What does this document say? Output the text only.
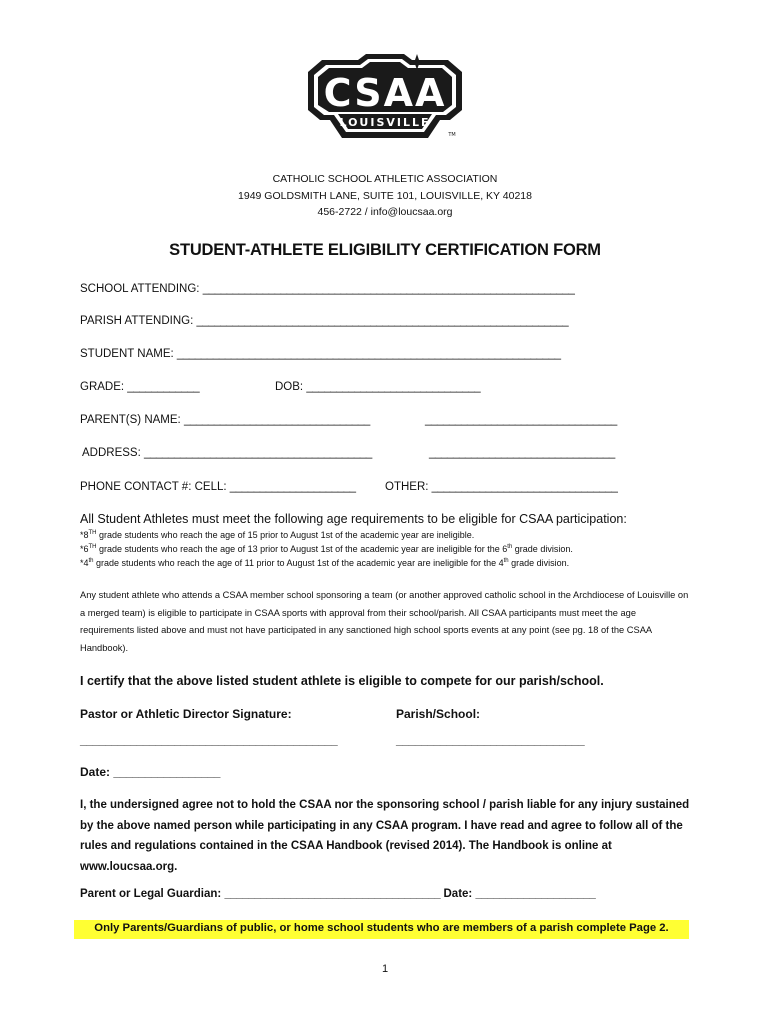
CSAA
LOUISVILLE
TM
CATHOLIC SCHOOL ATHLETIC ASSOCIATION
1949 GOLDSMITH LANE, SUITE 101, LOUISVILLE, KY 40218
456-2722 / info@loucsaa.org
STUDENT-ATHLETE ELIGIBILITY CERTIFICATION FORM
SCHOOL ATTENDING: ______________________________________________________________
PARISH ATTENDING: ______________________________________________________________
STUDENT NAME: ________________________________________________________________
GRADE: ____________	DOB: _____________________________
PARENT(S) NAME: _______________________________	________________________________
ADDRESS: ______________________________________	_______________________________
PHONE CONTACT #: CELL: _____________________	OTHER: _______________________________
All Student Athletes must meet the following age requirements to be eligible for CSAA participation:
*8TH grade students who reach the age of 15 prior to August 1st of the academic year are ineligible.
*6TH grade students who reach the age of 13 prior to August 1st of the academic year are ineligible for the 6th grade division.
*4th grade students who reach the age of 11 prior to August 1st of the academic year are ineligible for the 4th grade division.
Any student athlete who attends a CSAA member school sponsoring a team (or another approved catholic school in the Archdiocese of Louisville on a merged team) is eligible to participate in CSAA sports with approval from their school/parish. All CSAA participants must meet the age requirements listed above and must not have participated in any sanctioned high school sports events at any point (see pg. 18 of the CSAA Handbook).
I certify that the above listed student athlete is eligible to compete for our parish/school.
Pastor or Athletic Director Signature:	Parish/School:
_________________________________________	______________________________
Date: _________________
I, the undersigned agree not to hold the CSAA nor the sponsoring school / parish liable for any injury sustained by the above named person while participating in any CSAA program. I have read and agree to follow all of the rules and regulations contained in the CSAA Handbook (revised 2014). The Handbook is online at www.loucsaa.org.
Parent or Legal Guardian: ____________________________________ Date: ____________________
Only Parents/Guardians of public, or home school students who are members of a parish complete Page 2.
1
